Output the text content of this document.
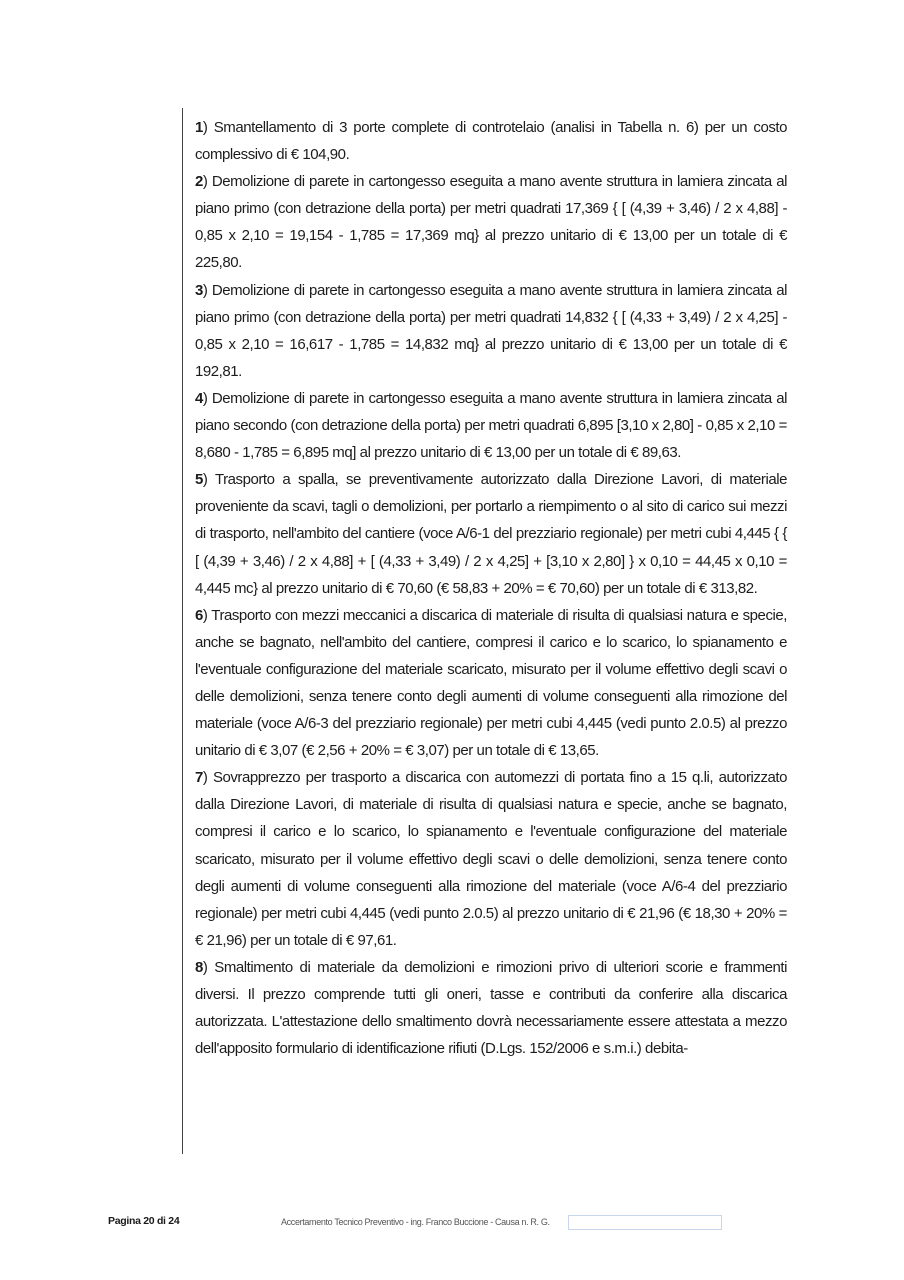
1) Smantellamento di 3 porte complete di controtelaio (analisi in Tabella n. 6) per un costo complessivo di € 104,90.

2) Demolizione di parete in cartongesso eseguita a mano avente struttura in lamiera zincata al piano primo (con detrazione della porta) per metri quadrati 17,369 { [ (4,39 + 3,46) / 2 x 4,88] - 0,85 x 2,10 = 19,154 - 1,785 = 17,369 mq} al prezzo unitario di € 13,00 per un totale di € 225,80.

3) Demolizione di parete in cartongesso eseguita a mano avente struttura in lamiera zincata al piano primo (con detrazione della porta) per metri quadrati 14,832 { [ (4,33 + 3,49) / 2 x 4,25] - 0,85 x 2,10 = 16,617 - 1,785 = 14,832 mq} al prezzo unitario di € 13,00 per un totale di € 192,81.

4) Demolizione di parete in cartongesso eseguita a mano avente struttura in lamiera zincata al piano secondo (con detrazione della porta) per metri quadrati 6,895 [3,10 x 2,80] - 0,85 x 2,10 = 8,680 - 1,785 = 6,895 mq] al prezzo unitario di € 13,00 per un totale di € 89,63.

5) Trasporto a spalla, se preventivamente autorizzato dalla Direzione Lavori, di materiale proveniente da scavi, tagli o demolizioni, per portarlo a riempimento o al sito di carico sui mezzi di trasporto, nell'ambito del cantiere (voce A/6-1 del prezziario regionale) per metri cubi 4,445 { { [ (4,39 + 3,46) / 2 x 4,88] + [ (4,33 + 3,49) / 2 x 4,25] + [3,10 x 2,80] } x 0,10 = 44,45 x 0,10 = 4,445 mc} al prezzo unitario di € 70,60 (€ 58,83 + 20% = € 70,60) per un totale di € 313,82.

6) Trasporto con mezzi meccanici a discarica di materiale di risulta di qualsiasi natura e specie, anche se bagnato, nell'ambito del cantiere, compresi il carico e lo scarico, lo spianamento e l'eventuale configurazione del materiale scaricato, misurato per il volume effettivo degli scavi o delle demolizioni, senza tenere conto degli aumenti di volume conseguenti alla rimozione del materiale (voce A/6-3 del prezziario regionale) per metri cubi 4,445 (vedi punto 2.0.5) al prezzo unitario di € 3,07 (€ 2,56 + 20% = € 3,07) per un totale di € 13,65.

7) Sovrapprezzo per trasporto a discarica con automezzi di portata fino a 15 q.li, autorizzato dalla Direzione Lavori, di materiale di risulta di qualsiasi natura e specie, anche se bagnato, compresi il carico e lo scarico, lo spianamento e l'eventuale configurazione del materiale scaricato, misurato per il volume effettivo degli scavi o delle demolizioni, senza tenere conto degli aumenti di volume conseguenti alla rimozione del materiale (voce A/6-4 del prezziario regionale) per metri cubi 4,445 (vedi punto 2.0.5) al prezzo unitario di € 21,96 (€ 18,30 + 20% = € 21,96) per un totale di € 97,61.

8) Smaltimento di materiale da demolizioni e rimozioni privo di ulteriori scorie e frammenti diversi. Il prezzo comprende tutti gli oneri, tasse e contributi da conferire alla discarica autorizzata. L'attestazione dello smaltimento dovrà necessariamente essere attestata a mezzo dell'apposito formulario di identificazione rifiuti (D.Lgs. 152/2006 e s.m.i.) debita-

Pagina 20 di 24	Accertamento Tecnico Preventivo - ing. Franco Buccione - Causa n. R. G.
